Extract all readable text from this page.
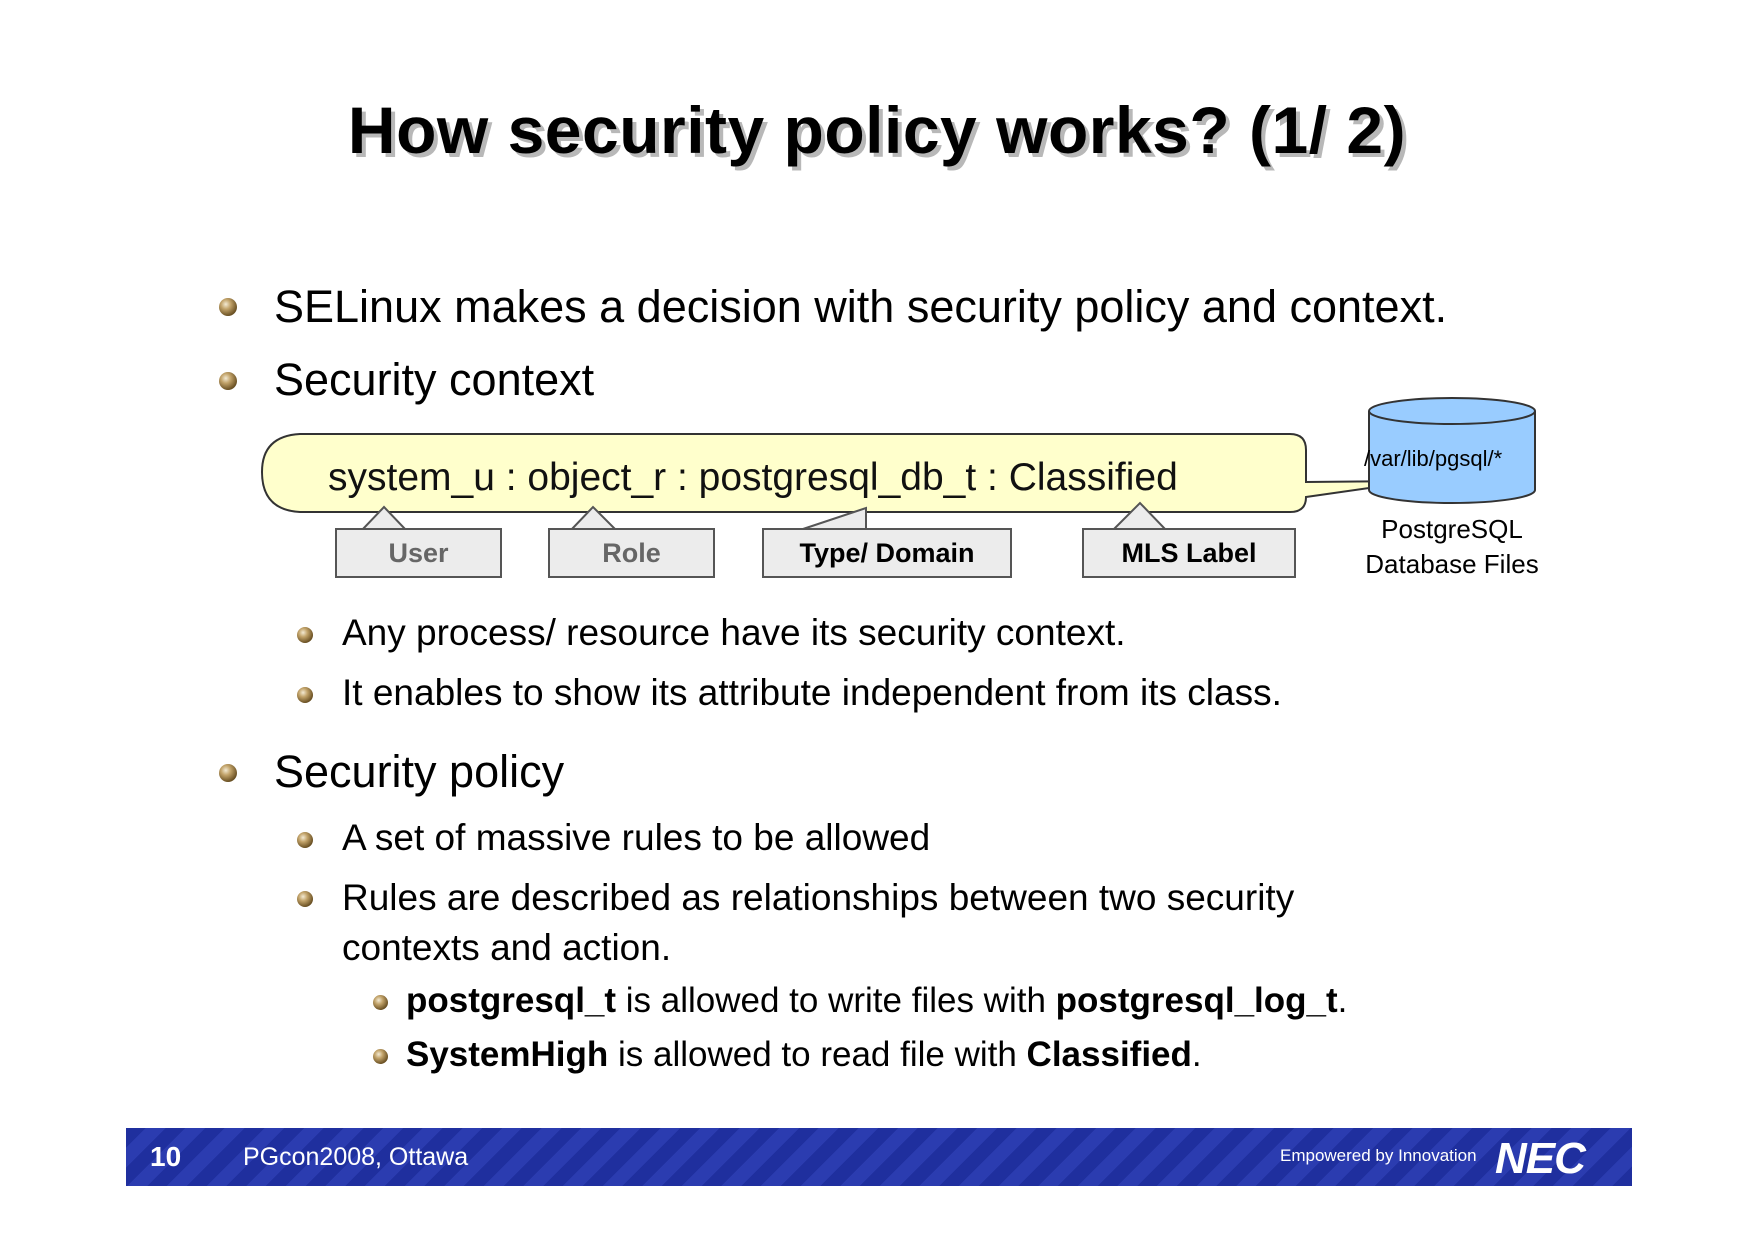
How security policy works? (1/ 2)
SELinux makes a decision with security policy and context.
Security context
system_u : object_r : postgresql_db_t : Classified
User	Role	Type/ Domain	MLS Label
/var/lib/pgsql/*
PostgreSQL
Database Files
Any process/ resource have its security context.
It enables to show its attribute independent from its class.
Security policy
A set of massive rules to be allowed
Rules are described as relationships between two security
contexts and action.
postgresql_t is allowed to write files with postgresql_log_t.
SystemHigh is allowed to read file with Classified.
10 PGcon2008, Ottawa	Empowered by Innovation NEC
